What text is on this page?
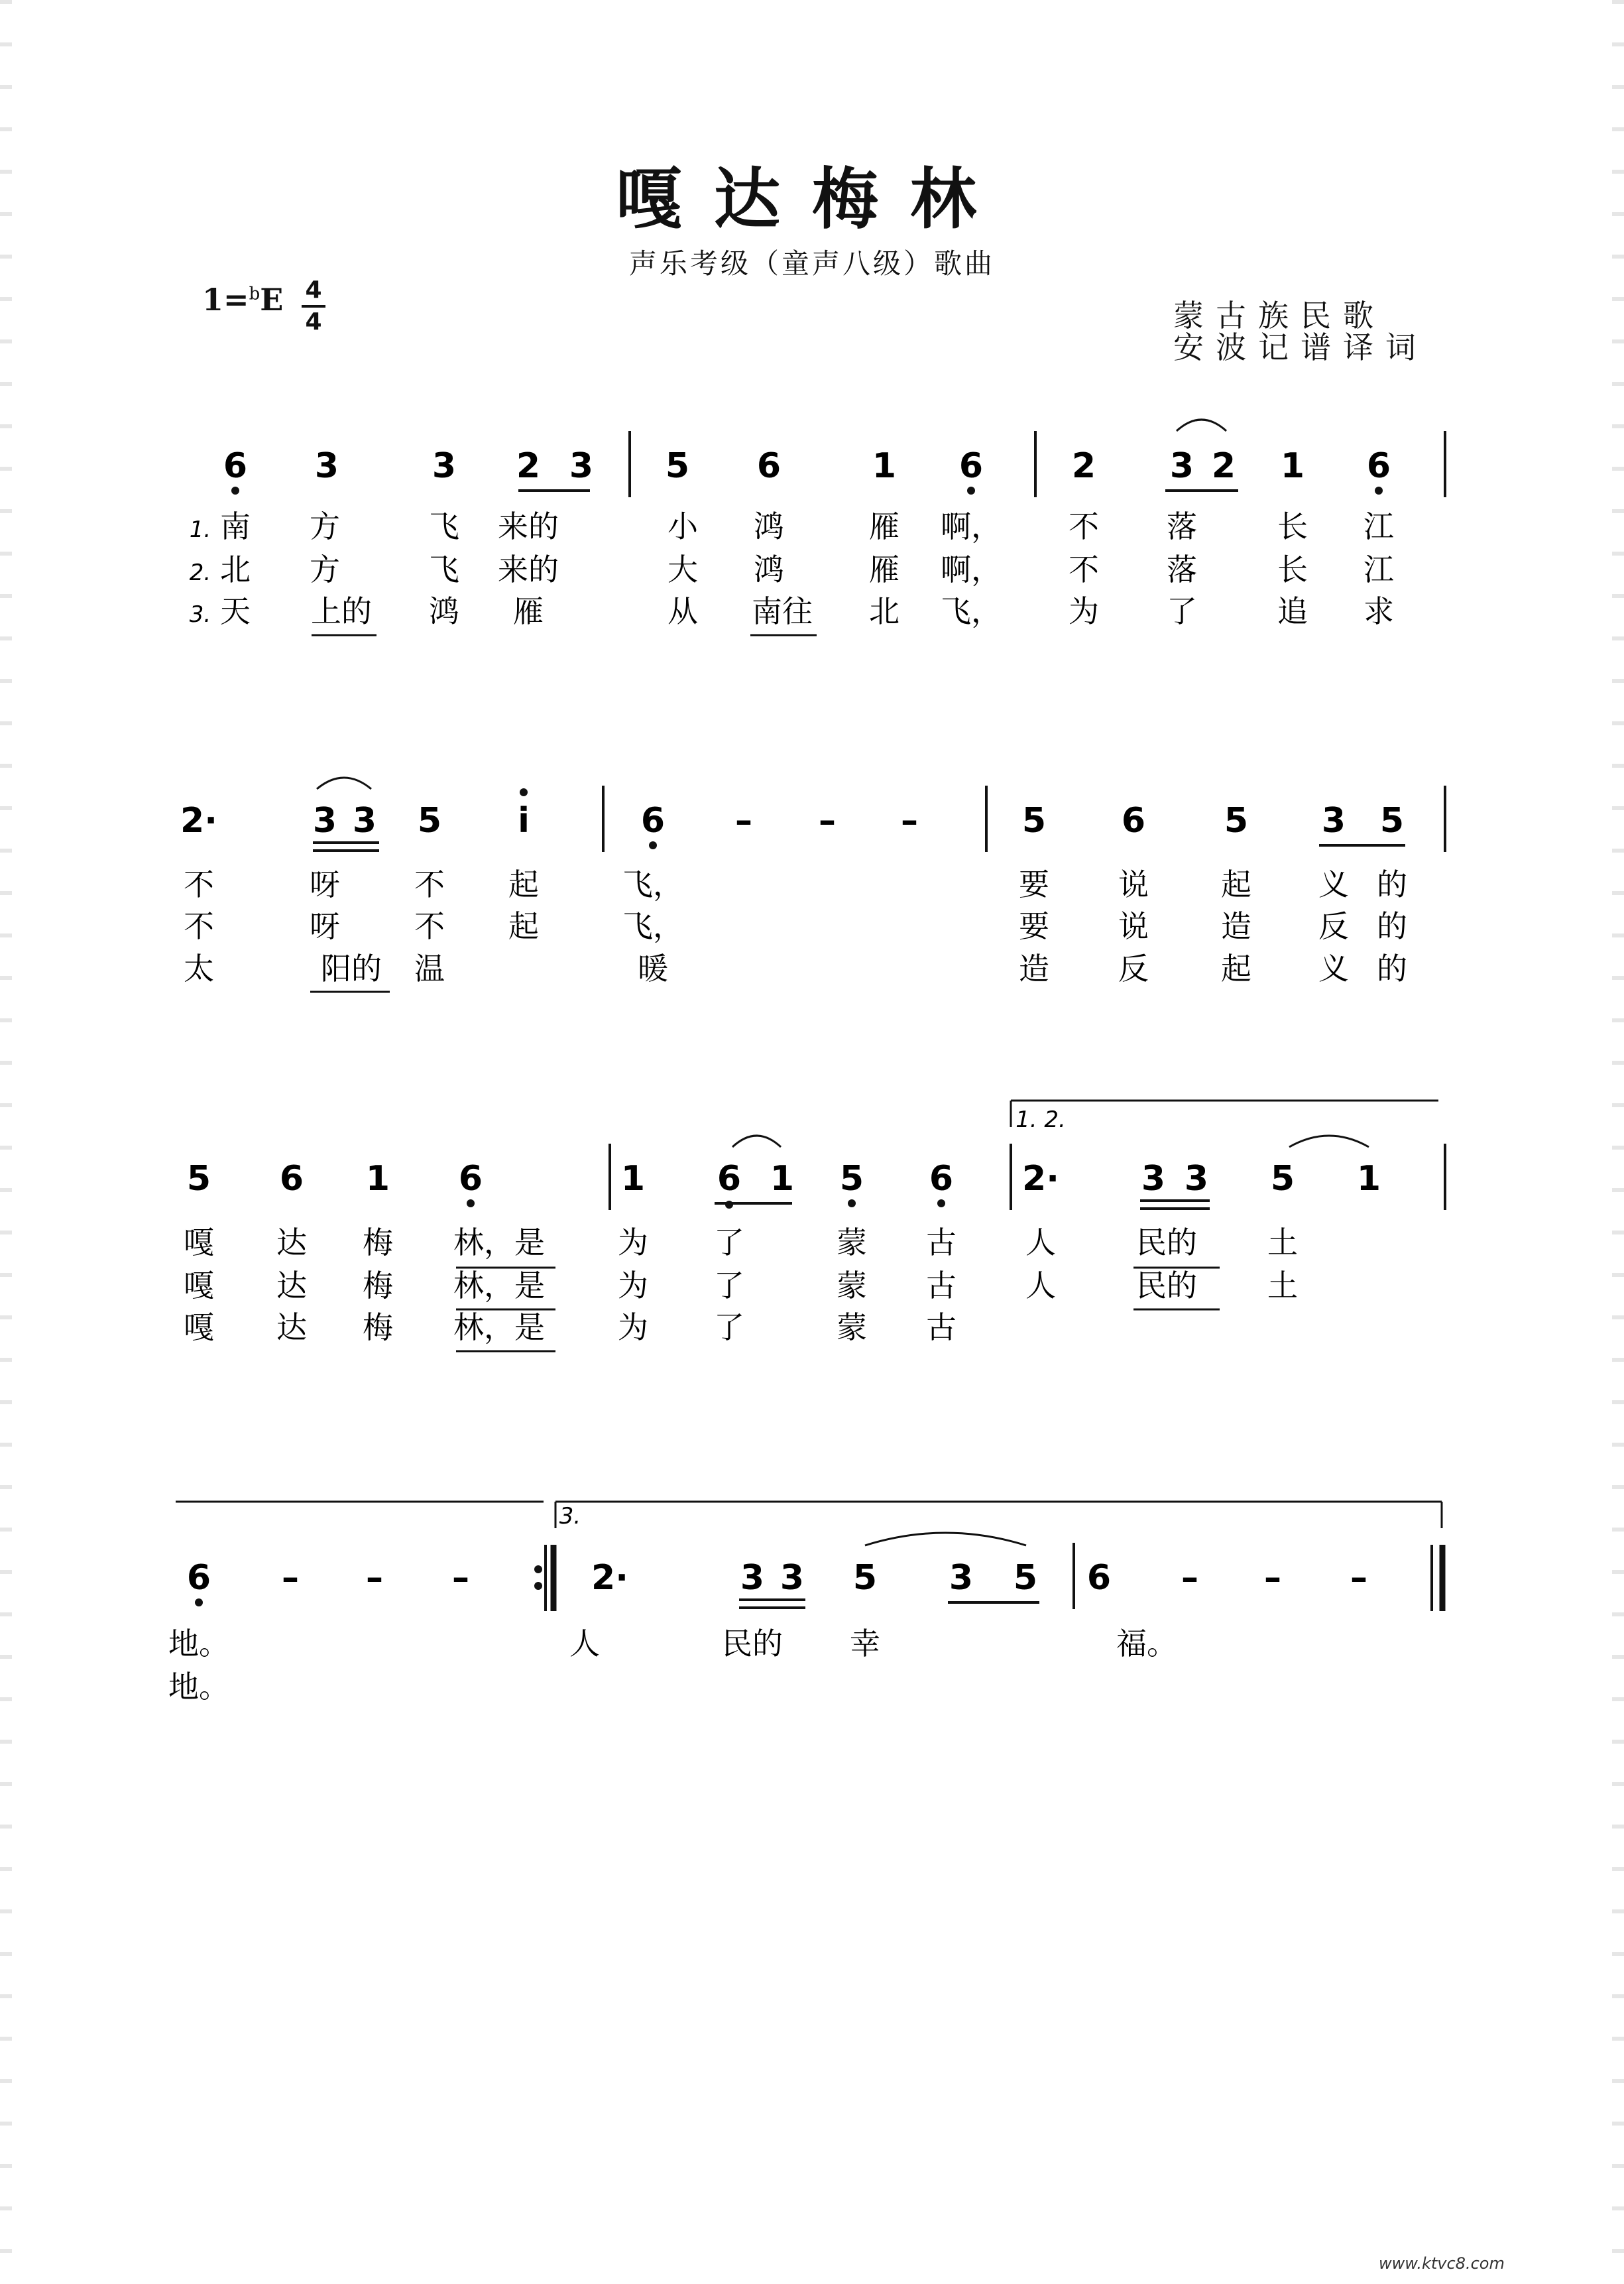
嘎达梅林
声乐考级（童声八级）歌曲
1=$^b$E 4
4	蒙古族民歌
安波记谱译词
6 3	3 2 3 5 6	1 6	2 3 2 1 6
1.
2.
3.
南 方	飞 来的	小 鸿	雁 啊， 不 落	长 江
北 方	飞 来的	大 鸿	雁 啊， 不 落	长 江
天 上的 鸿 雁	从 南往 北 飞， 为 了	追 求
2·	3 3 5 i	6 – – –	5 6 5 3 5
不	呀 不 起	飞，	要 说 起 义 的
不	呀 不 起	飞，	要 说 造 反 的
太	阳的 温	暖	造 反 起 义 的
5 6 1 6	1 6 1 5 6 2· 3 3 5 1
1. 2.
嘎 达 梅 林，是 为 了	蒙 古 人	民的 土
嘎 达 梅 林，是 为 了	蒙 古 人	民的 土
嘎 达 梅 林，是 为 了	蒙 古
6 – – –	2·	3 3 5 3 5 6 – – –
3.
地。	人	民的 幸	福。
地。
www.ktvc8.com
